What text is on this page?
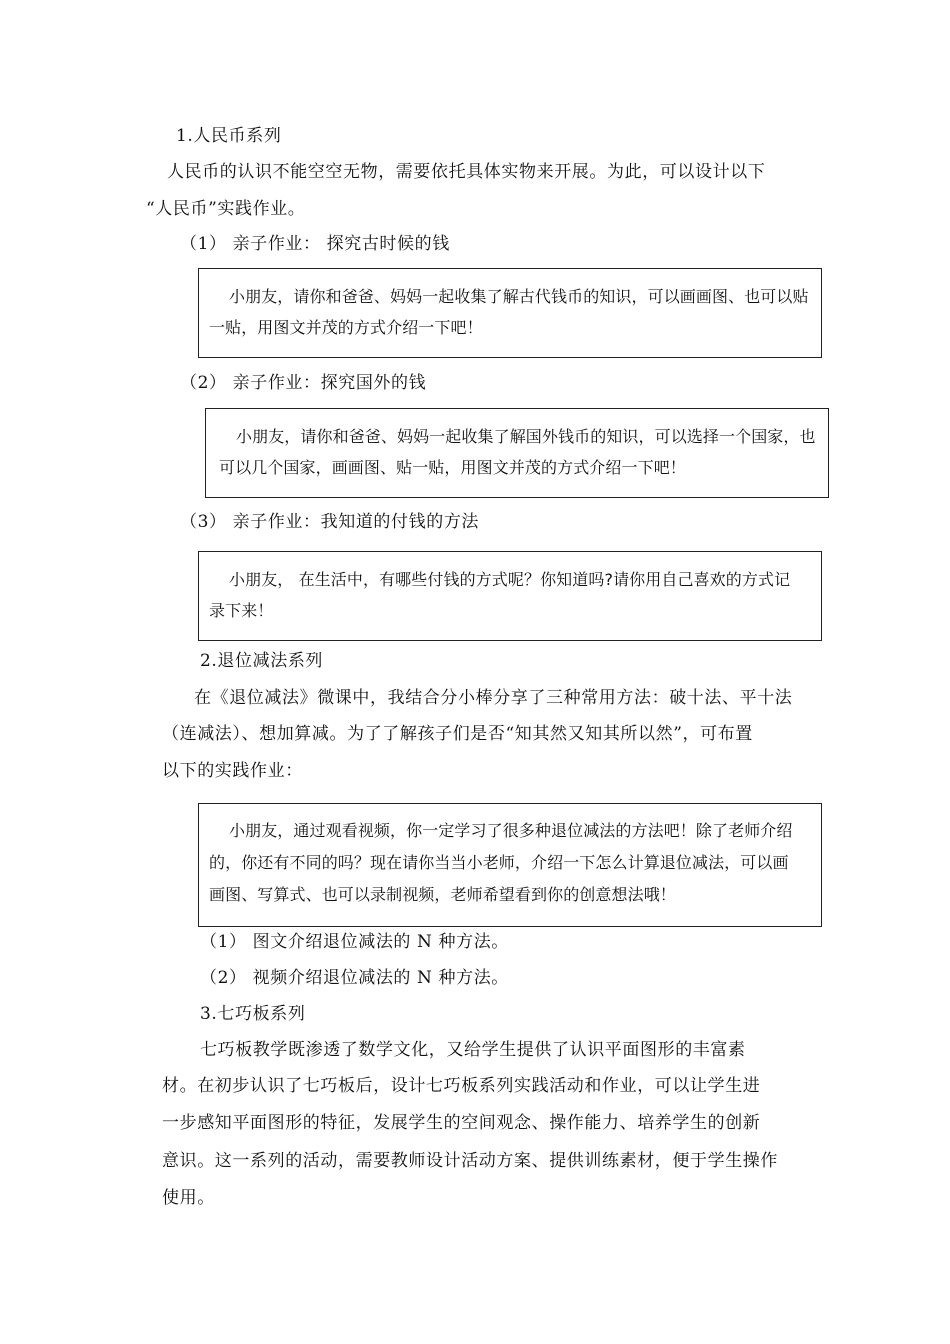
1.人民币系列
人民币的认识不能空空无物，需要依托具体实物来开展。为此，可以设计以下
“人民币”实践作业。
（1） 亲子作业： 探究古时候的钱
小朋友，请你和爸爸、妈妈一起收集了解古代钱币的知识，可以画画图、也可以贴
一贴，用图文并茂的方式介绍一下吧！
（2） 亲子作业：探究国外的钱
小朋友，请你和爸爸、妈妈一起收集了解国外钱币的知识，可以选择一个国家，也
可以几个国家，画画图、贴一贴，用图文并茂的方式介绍一下吧！
（3） 亲子作业：我知道的付钱的方法
小朋友， 在生活中，有哪些付钱的方式呢？你知道吗?请你用自己喜欢的方式记
录下来！
2.退位减法系列
在《退位减法》微课中，我结合分小棒分享了三种常用方法：破十法、平十法
（连减法）、想加算减。为了了解孩子们是否“知其然又知其所以然”，可布置
以下的实践作业：
小朋友，通过观看视频，你一定学习了很多种退位减法的方法吧！除了老师介绍
的，你还有不同的吗？现在请你当当小老师，介绍一下怎么计算退位减法，可以画
画图、写算式、也可以录制视频，老师希望看到你的创意想法哦！
（1） 图文介绍退位减法的 N 种方法。
（2） 视频介绍退位减法的 N 种方法。
3.七巧板系列
七巧板教学既渗透了数学文化，又给学生提供了认识平面图形的丰富素
材。在初步认识了七巧板后，设计七巧板系列实践活动和作业，可以让学生进
一步感知平面图形的特征，发展学生的空间观念、操作能力、培养学生的创新
意识。这一系列的活动，需要教师设计活动方案、提供训练素材，便于学生操作
使用。
